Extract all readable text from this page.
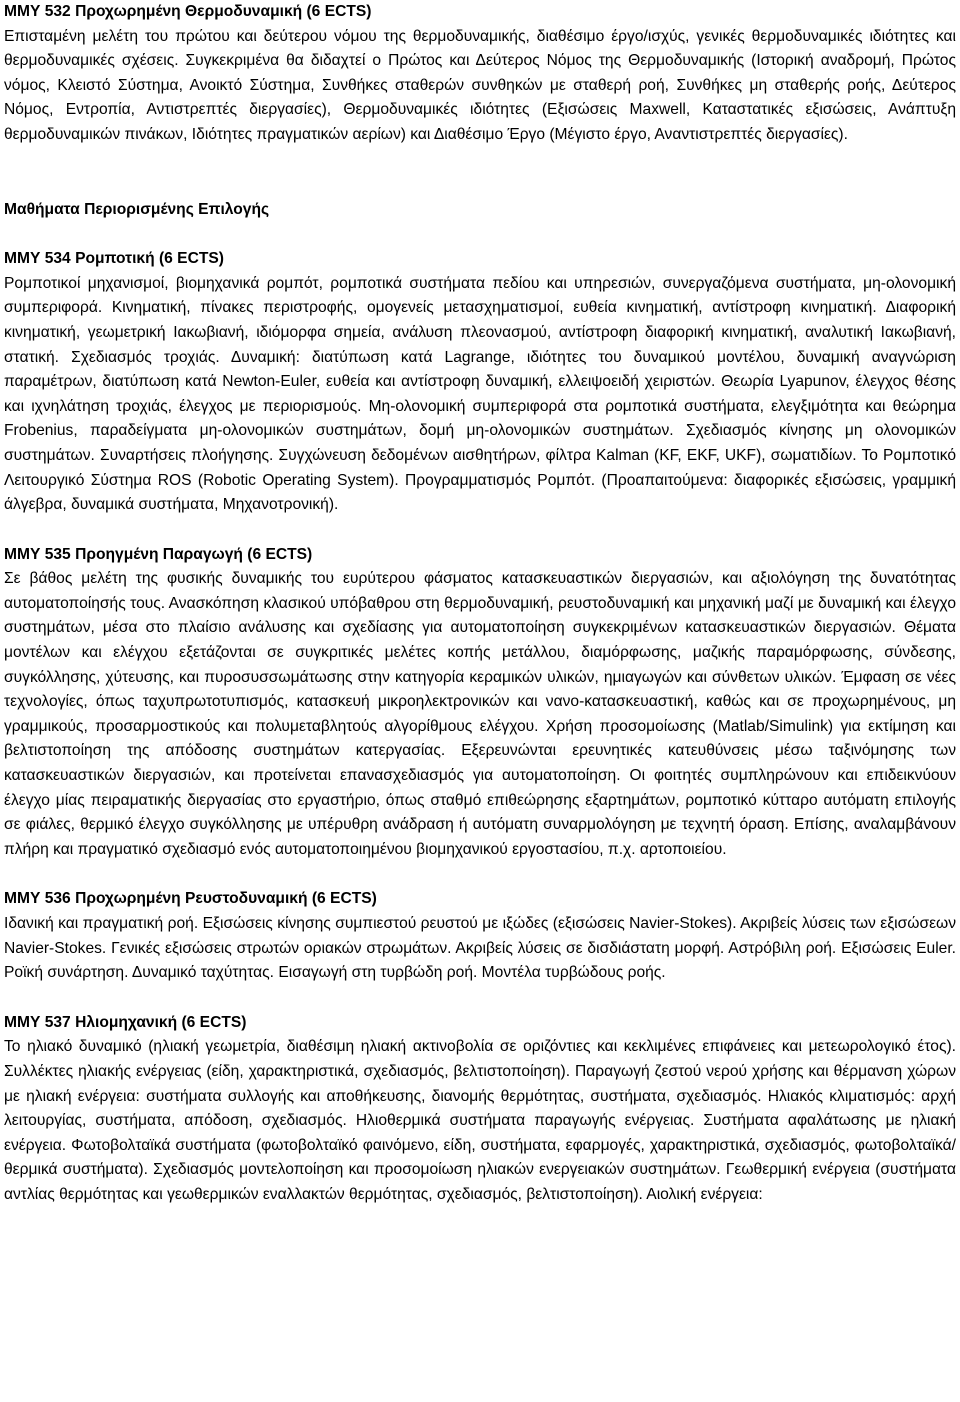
ΜΜΥ 532 Προχωρημένη Θερμοδυναμική (6 ECTS)

Επισταμένη μελέτη του πρώτου και δεύτερου νόμου της θερμοδυναμικής, διαθέσιμο έργο/ισχύς, γενικές θερμοδυναμικές ιδιότητες και θερμοδυναμικές σχέσεις. Συγκεκριμένα θα διδαχτεί ο Πρώτος και Δεύτερος Νόμος της Θερμοδυναμικής (Ιστορική αναδρομή, Πρώτος νόμος, Κλειστό Σύστημα, Ανοικτό Σύστημα, Συνθήκες σταθερών συνθηκών με σταθερή ροή, Συνθήκες μη σταθερής ροής, Δεύτερος Νόμος, Εντροπία, Αντιστρεπτές διεργασίες), Θερμοδυναμικές ιδιότητες (Εξισώσεις Maxwell, Καταστατικές εξισώσεις, Ανάπτυξη θερμοδυναμικών πινάκων, Ιδιότητες πραγματικών αερίων) και Διαθέσιμο Έργο (Μέγιστο έργο, Αναντιστρεπτές διεργασίες).

Μαθήματα Περιορισμένης Επιλογής
ΜΜΥ 534 Ρομποτική (6 ECTS)

Ρομποτικοί μηχανισμοί, βιομηχανικά ρομπότ, ρομποτικά συστήματα πεδίου και υπηρεσιών, συνεργαζόμενα συστήματα, μη-ολονομική συμπεριφορά. Κινηματική, πίνακες περιστροφής, ομογενείς μετασχηματισμοί, ευθεία κινηματική, αντίστροφη κινηματική. Διαφορική κινηματική, γεωμετρική Ιακωβιανή, ιδιόμορφα σημεία, ανάλυση πλεονασμού, αντίστροφη διαφορική κινηματική, αναλυτική Ιακωβιανή, στατική. Σχεδιασμός τροχιάς. Δυναμική: διατύπωση κατά Lagrange, ιδιότητες του δυναμικού μοντέλου, δυναμική αναγνώριση παραμέτρων, διατύπωση κατά Newton-Euler, ευθεία και αντίστροφη δυναμική, ελλειψοειδή χειριστών. Θεωρία Lyapunov, έλεγχος θέσης και ιχνηλάτηση τροχιάς, έλεγχος με περιορισμούς. Μη-ολονομική συμπεριφορά στα ρομποτικά συστήματα, ελεγξιμότητα και θεώρημα Frobenius, παραδείγματα μη-ολονομικών συστημάτων, δομή μη-ολονομικών συστημάτων. Σχεδιασμός κίνησης μη ολονομικών συστημάτων. Συναρτήσεις πλοήγησης. Συγχώνευση δεδομένων αισθητήρων, φίλτρα Kalman (KF, EKF, UKF), σωματιδίων. Το Ρομποτικό Λειτουργικό Σύστημα ROS (Robotic Operating System). Προγραμματισμός Ρομπότ. (Προαπαιτούμενα: διαφορικές εξισώσεις, γραμμική άλγεβρα, δυναμικά συστήματα, Μηχανοτρονική).

ΜΜΥ 535 Προηγμένη Παραγωγή (6 ECTS)

Σε βάθος μελέτη της φυσικής δυναμικής του ευρύτερου φάσματος κατασκευαστικών διεργασιών, και αξιολόγηση της δυνατότητας αυτοματοποίησής τους. Ανασκόπηση κλασικού υπόβαθρου στη θερμοδυναμική, ρευστοδυναμική και μηχανική μαζί με δυναμική και έλεγχο συστημάτων, μέσα στο πλαίσιο ανάλυσης και σχεδίασης για αυτοματοποίηση συγκεκριμένων κατασκευαστικών διεργασιών. Θέματα μοντέλων και ελέγχου εξετάζονται σε συγκριτικές μελέτες κοπής μετάλλου, διαμόρφωσης, μαζικής παραμόρφωσης, σύνδεσης, συγκόλλησης, χύτευσης, και πυροσυσσωμάτωσης στην κατηγορία κεραμικών υλικών, ημιαγωγών και σύνθετων υλικών. Έμφαση σε νέες τεχνολογίες, όπως ταχυπρωτοτυπισμός, κατασκευή μικροηλεκτρονικών και νανο-κατασκευαστική, καθώς και σε προχωρημένους, μη γραμμικούς, προσαρμοστικούς και πολυμεταβλητούς αλγορίθμους ελέγχου. Χρήση προσομοίωσης (Matlab/Simulink) για εκτίμηση και βελτιστοποίηση της απόδοσης συστημάτων κατεργασίας. Εξερευνώνται ερευνητικές κατευθύνσεις μέσω ταξινόμησης των κατασκευαστικών διεργασιών, και προτείνεται επανασχεδιασμός για αυτοματοποίηση. Οι φοιτητές συμπληρώνουν και επιδεικνύουν έλεγχο μίας πειραματικής διεργασίας στο εργαστήριο, όπως σταθμό επιθεώρησης εξαρτημάτων, ρομποτικό κύτταρο αυτόματη επιλογής σε φιάλες, θερμικό έλεγχο συγκόλλησης με υπέρυθρη ανάδραση ή αυτόματη συναρμολόγηση με τεχνητή όραση. Επίσης, αναλαμβάνουν πλήρη και πραγματικό σχεδιασμό ενός αυτοματοποιημένου βιομηχανικού εργοστασίου, π.χ. αρτοποιείου.

ΜΜΥ 536 Προχωρημένη Ρευστοδυναμική (6 ECTS)

Ιδανική και πραγματική ροή. Εξισώσεις κίνησης συμπιεστού ρευστού με ιξώδες (εξισώσεις Navier-Stokes). Ακριβείς λύσεις των εξισώσεων Navier-Stokes. Γενικές εξισώσεις στρωτών οριακών στρωμάτων. Ακριβείς λύσεις σε δισδιάστατη μορφή. Αστρόβιλη ροή. Εξισώσεις Euler. Ροϊκή συνάρτηση. Δυναμικό ταχύτητας. Εισαγωγή στη τυρβώδη ροή. Μοντέλα τυρβώδους ροής.

ΜΜΥ 537 Ηλιομηχανική (6 ECTS)

Το ηλιακό δυναμικό (ηλιακή γεωμετρία, διαθέσιμη ηλιακή ακτινοβολία σε οριζόντιες και κεκλιμένες επιφάνειες και μετεωρολογικό έτος). Συλλέκτες ηλιακής ενέργειας (είδη, χαρακτηριστικά, σχεδιασμός, βελτιστοποίηση). Παραγωγή ζεστού νερού χρήσης και θέρμανση χώρων με ηλιακή ενέργεια: συστήματα συλλογής και αποθήκευσης, διανομής θερμότητας, συστήματα, σχεδιασμός. Ηλιακός κλιματισμός: αρχή λειτουργίας, συστήματα, απόδοση, σχεδιασμός. Ηλιοθερμικά συστήματα παραγωγής ενέργειας. Συστήματα αφαλάτωσης με ηλιακή ενέργεια. Φωτοβολταϊκά συστήματα (φωτοβολταϊκό φαινόμενο, είδη, συστήματα, εφαρμογές, χαρακτηριστικά, σχεδιασμός, φωτοβολταϊκά/θερμικά συστήματα). Σχεδιασμός μοντελοποίηση και προσομοίωση ηλιακών ενεργειακών συστημάτων. Γεωθερμική ενέργεια (συστήματα αντλίας θερμότητας και γεωθερμικών εναλλακτών θερμότητας, σχεδιασμός, βελτιστοποίηση). Αιολική ενέργεια:
